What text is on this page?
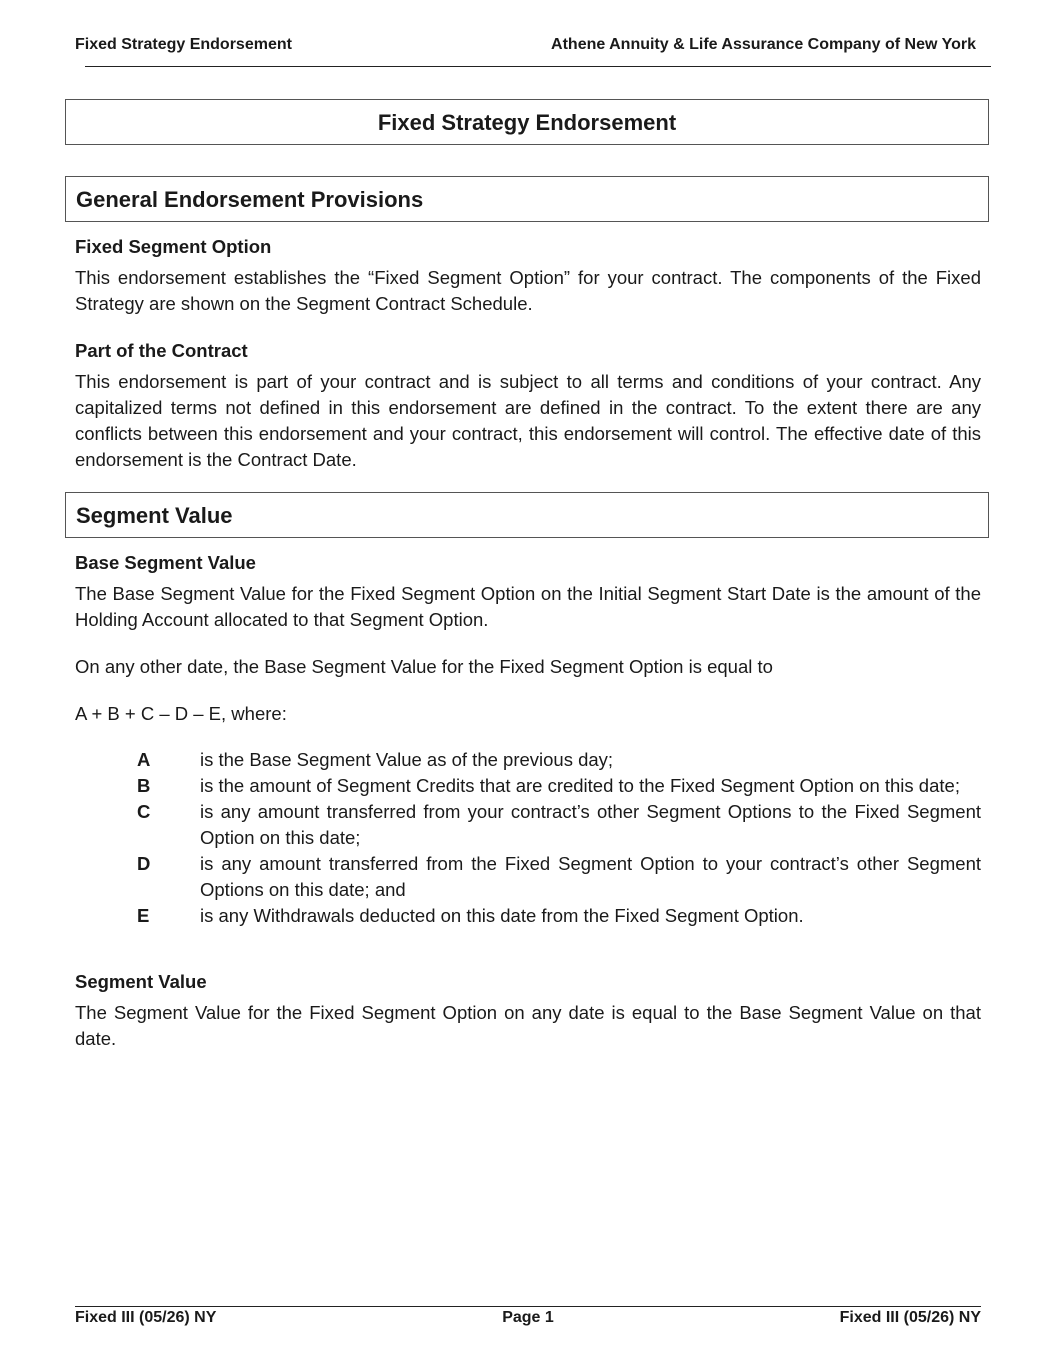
Fixed Strategy Endorsement	Athene Annuity & Life Assurance Company of New York
Fixed Strategy Endorsement
General Endorsement Provisions
Fixed Segment Option

This endorsement establishes the “Fixed Segment Option” for your contract. The components of the Fixed Strategy are shown on the Segment Contract Schedule.

Part of the Contract

This endorsement is part of your contract and is subject to all terms and conditions of your contract. Any capitalized terms not defined in this endorsement are defined in the contract. To the extent there are any conflicts between this endorsement and your contract, this endorsement will control. The effective date of this endorsement is the Contract Date.

Segment Value
Base Segment Value

The Base Segment Value for the Fixed Segment Option on the Initial Segment Start Date is the amount of the Holding Account allocated to that Segment Option.

On any other date, the Base Segment Value for the Fixed Segment Option is equal to

A + B + C – D – E, where:

A	is the Base Segment Value as of the previous day;
B	is the amount of Segment Credits that are credited to the Fixed Segment Option on this date;
C	is any amount transferred from your contract’s other Segment Options to the Fixed Segment Option on this date;
D	is any amount transferred from the Fixed Segment Option to your contract’s other Segment Options on this date; and
E	is any Withdrawals deducted on this date from the Fixed Segment Option.
Segment Value

The Segment Value for the Fixed Segment Option on any date is equal to the Base Segment Value on that date.

Fixed III (05/26) NY	Page 1	Fixed III (05/26) NY
